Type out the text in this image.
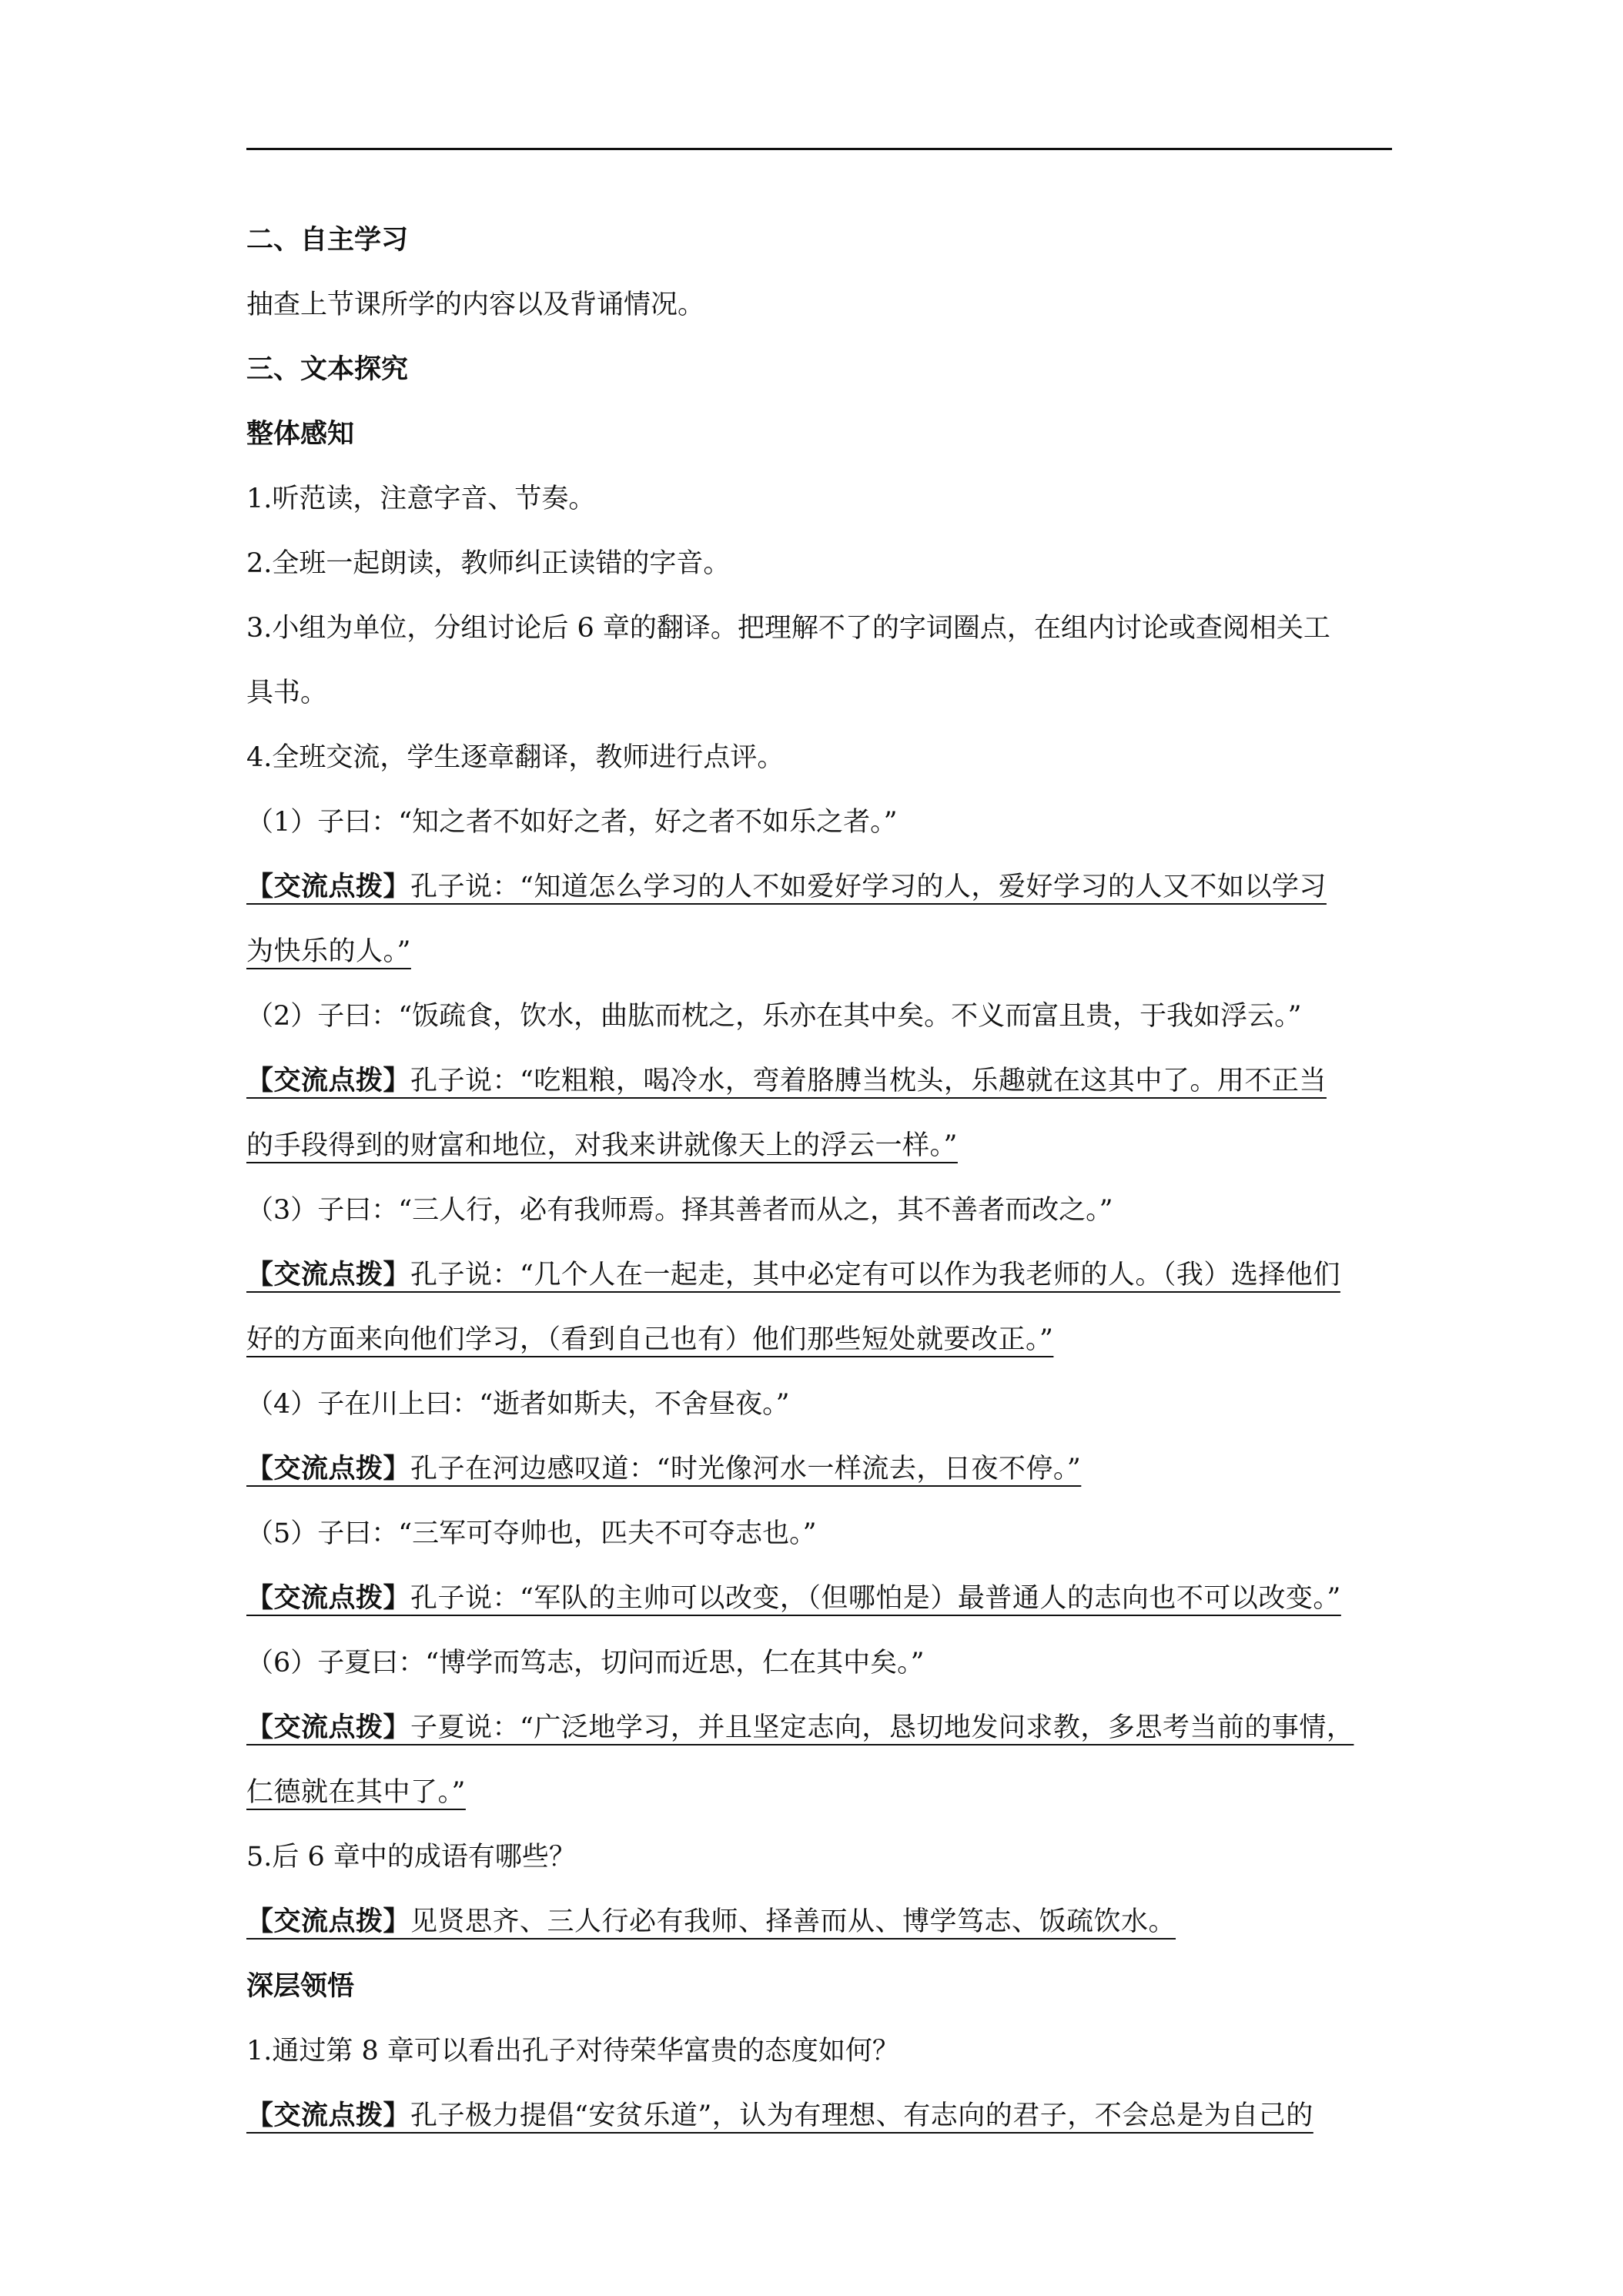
二、自主学习
抽查上节课所学的内容以及背诵情况。
三、文本探究
整体感知
1.听范读，注意字音、节奏。
2.全班一起朗读，教师纠正读错的字音。
3.小组为单位，分组讨论后 6 章的翻译。把理解不了的字词圈点，在组内讨论或查阅相关工
具书。
4.全班交流，学生逐章翻译，教师进行点评。
（1）子曰：“知之者不如好之者，好之者不如乐之者。”
【交流点拨】孔子说：“知道怎么学习的人不如爱好学习的人，爱好学习的人又不如以学习
为快乐的人。”
（2）子曰：“饭疏食，饮水，曲肱而枕之，乐亦在其中矣。不义而富且贵，于我如浮云。”
【交流点拨】孔子说：“吃粗粮，喝冷水，弯着胳膊当枕头，乐趣就在这其中了。用不正当
的手段得到的财富和地位，对我来讲就像天上的浮云一样。”
（3）子曰：“三人行，必有我师焉。择其善者而从之，其不善者而改之。”
【交流点拨】孔子说：“几个人在一起走，其中必定有可以作为我老师的人。（我）选择他们
好的方面来向他们学习，（看到自己也有）他们那些短处就要改正。”
（4）子在川上曰：“逝者如斯夫，不舍昼夜。”
【交流点拨】孔子在河边感叹道：“时光像河水一样流去，日夜不停。”
（5）子曰：“三军可夺帅也，匹夫不可夺志也。”
【交流点拨】孔子说：“军队的主帅可以改变，（但哪怕是）最普通人的志向也不可以改变。”
（6）子夏曰：“博学而笃志，切问而近思，仁在其中矣。”
【交流点拨】子夏说：“广泛地学习，并且坚定志向，恳切地发问求教，多思考当前的事情，
仁德就在其中了。”
5.后 6 章中的成语有哪些？
【交流点拨】见贤思齐、三人行必有我师、择善而从、博学笃志、饭疏饮水。
深层领悟
1.通过第 8 章可以看出孔子对待荣华富贵的态度如何？
【交流点拨】孔子极力提倡“安贫乐道”，认为有理想、有志向的君子，不会总是为自己的
